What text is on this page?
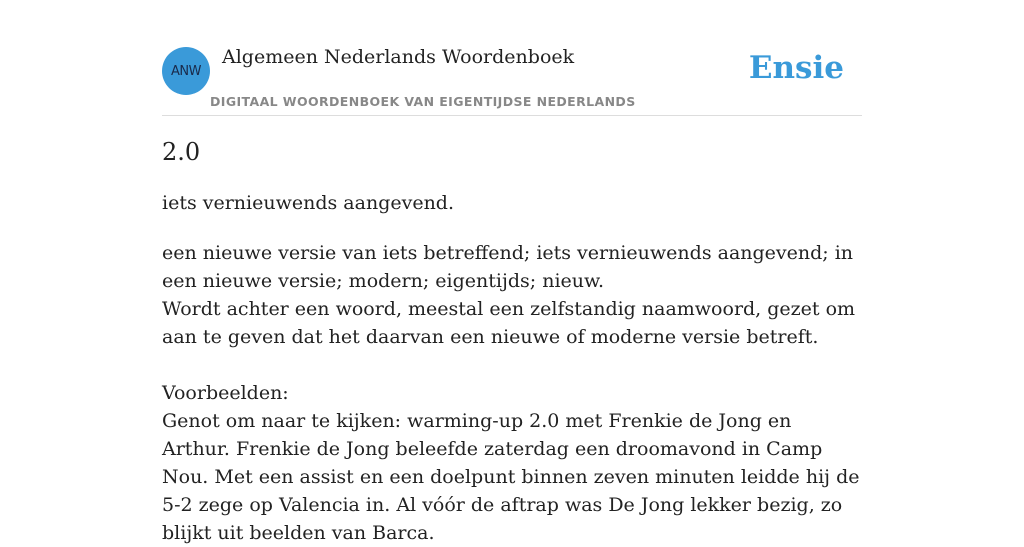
ANW
Algemeen Nederlands Woordenboek
DIGITAAL WOORDENBOEK VAN EIGENTIJDSE NEDERLANDS
Ensie
2.0

iets vernieuwends aangevend.

een nieuwe versie van iets betreffend; iets vernieuwends aangevend; in een nieuwe versie; modern; eigentijds; nieuw.

Wordt achter een woord, meestal een zelfstandig naamwoord, gezet om aan te geven dat het daarvan een nieuwe of moderne versie betreft.

Voorbeelden:

Genot om naar te kijken: warming-up 2.0 met Frenkie de Jong en Arthur. Frenkie de Jong beleefde zaterdag een droomavond in Camp Nou. Met een assist en een doelpunt binnen zeven minuten leidde hij de 5-2 zege op Valencia in. Al vóór de aftrap was De Jong lekker bezig, zo blijkt uit beelden van Barca.
